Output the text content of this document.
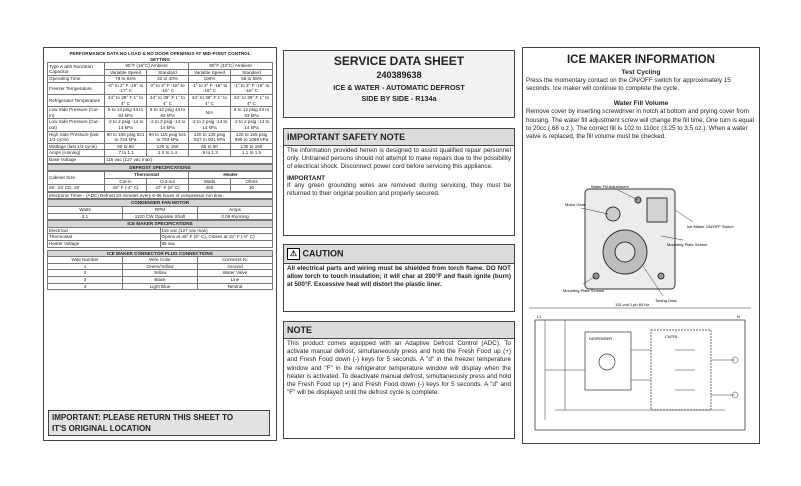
PERFORMANCE DATA NO LOAD & NO DOOR OPENINGS AT MID-POINT CONTROL SETTING
Type A with Run/Start Capacitor	90°F (16°C) Ambient		90°F (32°C) Ambient	
	Variable Speed	Standard	Variable Speed	Standard
Operating Time	78 to 84%	32 to 40%	100%	55 to 65%
Freezer Temperature	-6° to 2° F -19° to -17° C	0° to 4° F -18° to -16° C	-1° to 3° F -18° to -16° C	-1° to 3° F -18° to -16° C
Refrigerator Temperature	34° to 39° F 1° to 4° C	34° to 39° F 1° to 4° C	34° to 39° F 1° to 4° C	34° to 39° F 1° to 4° C
Low Side Pressure (Cut-In)	5 to 13 psig 43 to 93 kPa	5 to 12 psig 43 to 83 kPa	N/A	5 to 12 psig 43 to 83 kPa
Low Side Pressure (Cut-out)	-2 to 2 psig -14 to 14 kPa	-2 to 2 psig -14 to 14 kPa	-2 to 2 psig -14 to 14 kPa	-2 to 2 psig -14 to 14 kPa
High Side Pressure (last 1/3 cycle)	90 to 105 psig 621 to 724 kPa	90 to 115 psig 621 to 793 kPa	120 to 135 psig 827 to 931 kPa	120 to 155 psig 896 to 1069 kPa
Wattage (last 1/3 cycle)	60 to 65	120 to 150	65 to 80	130 to 160
Amps (running)	.7 to 1.1	1.0 to 1.4	.9 to 1.3	1.1 to 1.5
Base Voltage	115 vac (127 vac max)			
DEFROST SPECIFICATIONS
Cabinet Size	Thermostat		Heater	
	Cut-in	Cut-out	Watts	Ohms
26', 23' CD, 26'	28° F (-4° C)	47° F (8° C)	450	30
Electronic Timer - (ADC) Defrost 24 minutes every 6-96 hours of compressor run time.
CONDENSER FAN MOTOR		
Watts	RPM	Amps
3.1	1100 CW Opposite Shaft	0.09 Running
ICE MAKER SPECIFICATIONS	
Electrical	115 vac (127 vac max)
Thermostat	Opens at 48° F (9° C), Closes at 15° F (-9° C)
Heater Voltage	85 vac
ICE MAKER CONNECTOR PLUG CONNECTIONS		
Wire Number	Wire Color	Connects to:
1	Green/Yellow	Ground
2	Yellow	Water Valve
3	Black	Line
4	Light Blue	Neutral
IMPORTANT: PLEASE RETURN THIS SHEET TO
IT'S ORIGINAL LOCATION
SERVICE DATA SHEET
240389638
ICE & WATER - AUTOMATIC DEFROST
SIDE BY SIDE - R134a
IMPORTANT SAFETY NOTE
The information provided herein is designed to assist qualified repair personnel only. Untrained persons should not attempt to make repairs due to the possibility of electrical shock. Disconnect power cord before servicing this appliance.
IMPORTANT
If any green grounding wires are removed during servicing, they must be returned to their original position and properly secured.
⚠ CAUTION
All electrical parts and wiring must be shielded from torch flame. DO NOT allow torch to touch insulation; it will char at 200°F and flash ignite (burn) at 500°F. Excessive heat will distort the plastic liner.
NOTE
This product comes equipped with an Adaptive Defrost Control (ADC). To activate manual defrost, simultaneously press and hold the Fresh Food up (+) and Fresh Food down (-) keys for 5 seconds. A "d" in the freezer temperature window and "F" in the refrigerator temperature window will display when the heater is activated. To deactivate manual defrost, simultaneously press and hold the Fresh Food up (+) and Fresh Food down (-) keys for 5 seconds. A "d" and "F" will be displayed until the defrost cycle is complete.
ICE MAKER INFORMATION
Test Cycling
Press the momentary contact on the ON/OFF switch for approximately 15 seconds. Ice maker will continue to complete the cycle.
Water Fill Volume
Remove cover by inserting screwdriver in notch at bottom and prying cover from housing. The water fill adjustment screw will change the fill time. One turn is equal to 20cc (.68 o.z.). The correct fill is 102 to 110cc (3.25 to 3.5 oz.). When a water valve is replaced, the fill volume must be checked.
Water Fill Adjustment
Motor Gear
Ice Maker ON/OFF Switch
Mounting Plate Sensor
Mounting Plate Screws
Timing Gear
115 volt 1 ph 60 Hz
L1	N
DISPENSER	CNTRL
